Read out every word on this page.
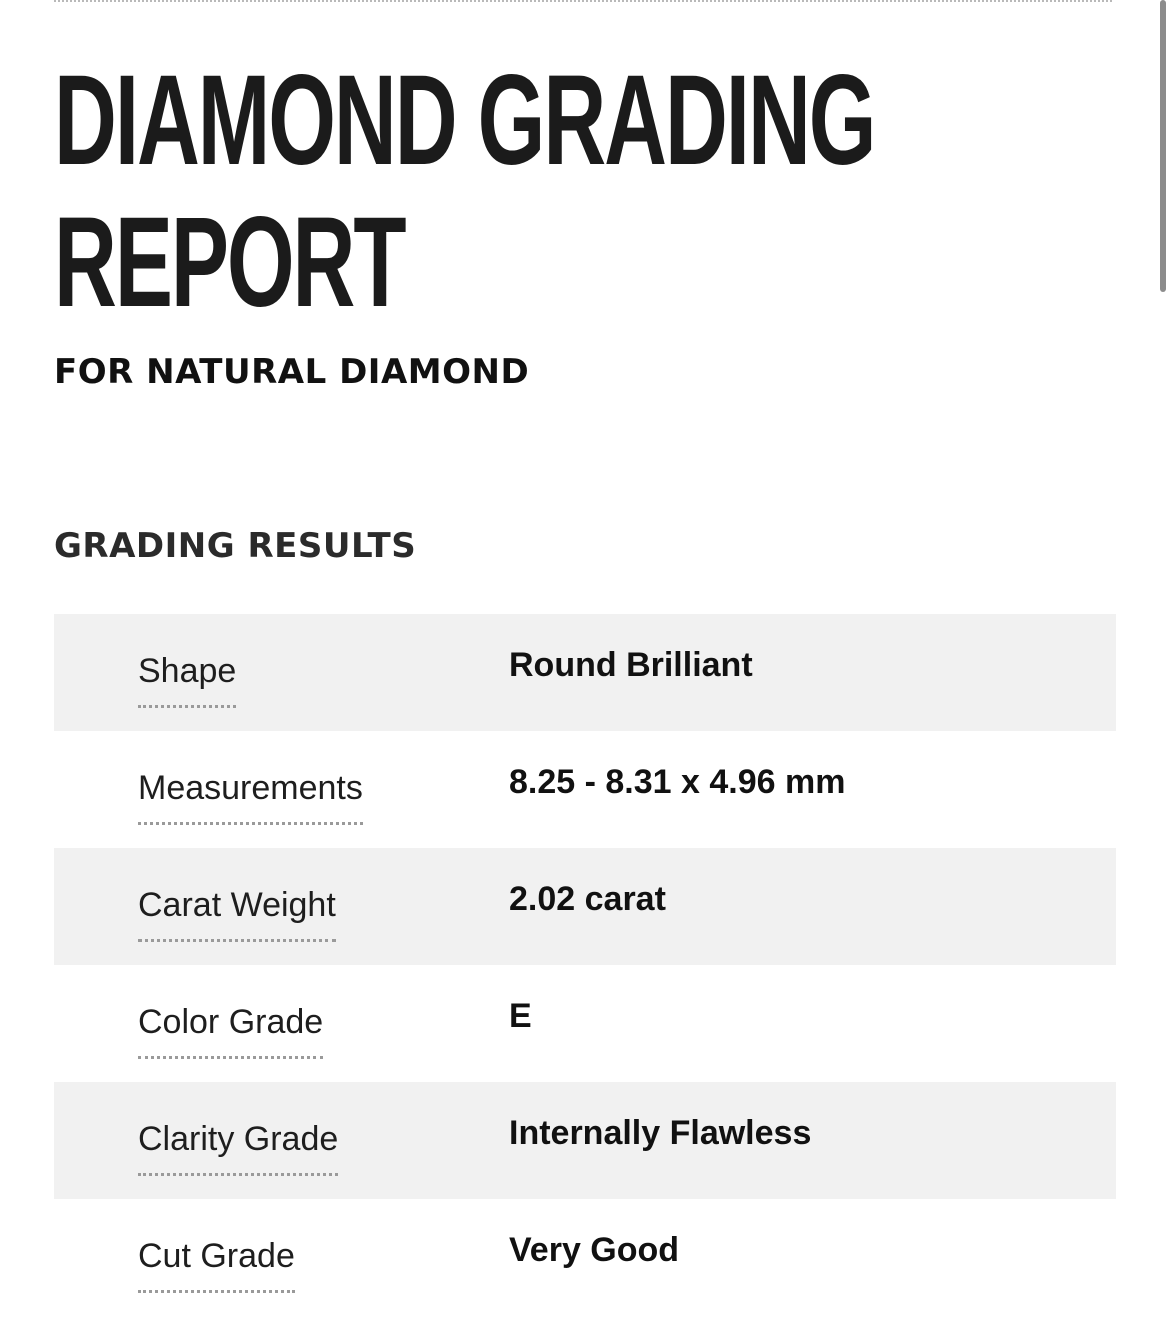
DIAMOND GRADING
REPORT
FOR NATURAL DIAMOND
GRADING RESULTS
Shape	Round Brilliant
Measurements	8.25 - 8.31 x 4.96 mm
Carat Weight	2.02 carat
Color Grade	E
Clarity Grade	Internally Flawless
Cut Grade	Very Good
